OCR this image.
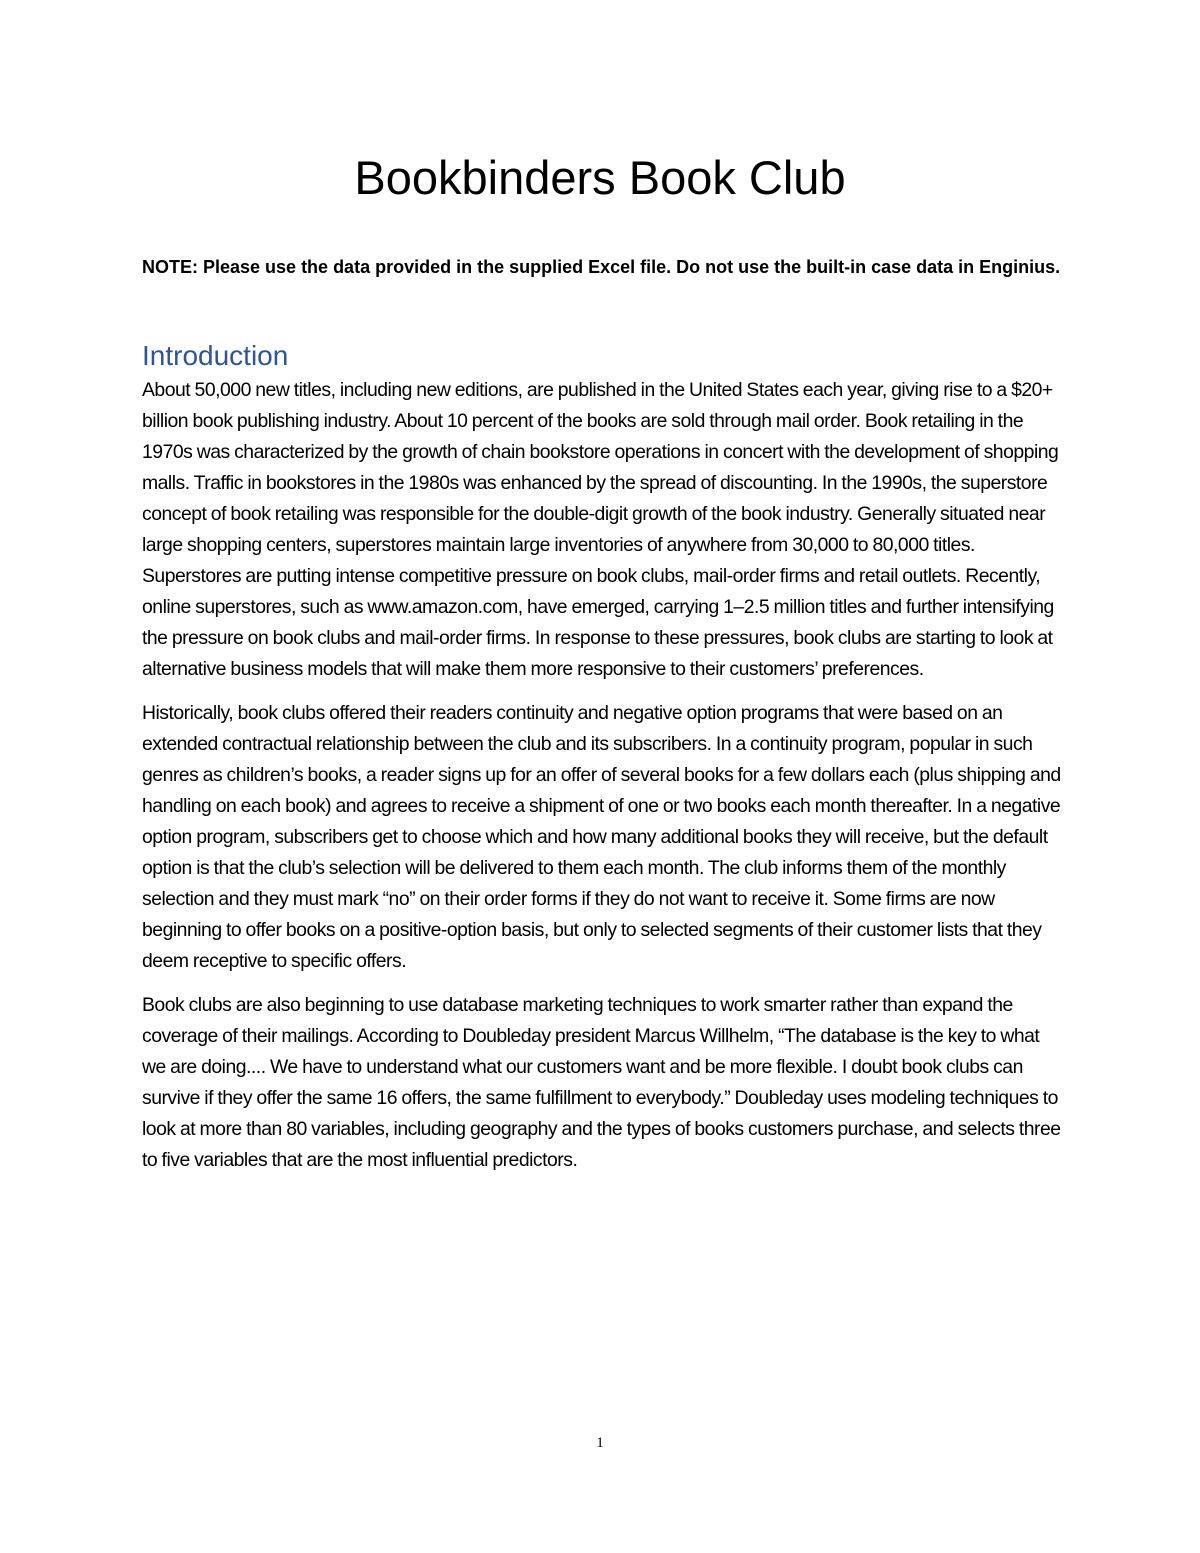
Bookbinders Book Club
NOTE: Please use the data provided in the supplied Excel file. Do not use the built-in case data in Enginius.
Introduction

About 50,000 new titles, including new editions, are published in the United States each year, giving rise to a $20+ billion book publishing industry. About 10 percent of the books are sold through mail order. Book retailing in the 1970s was characterized by the growth of chain bookstore operations in concert with the development of shopping malls. Traffic in bookstores in the 1980s was enhanced by the spread of discounting. In the 1990s, the superstore concept of book retailing was responsible for the double-digit growth of the book industry. Generally situated near large shopping centers, superstores maintain large inventories of anywhere from 30,000 to 80,000 titles. Superstores are putting intense competitive pressure on book clubs, mail-order firms and retail outlets. Recently, online superstores, such as www.amazon.com, have emerged, carrying 1–2.5 million titles and further intensifying the pressure on book clubs and mail-order firms. In response to these pressures, book clubs are starting to look at alternative business models that will make them more responsive to their customers’ preferences.

Historically, book clubs offered their readers continuity and negative option programs that were based on an extended contractual relationship between the club and its subscribers. In a continuity program, popular in such genres as children’s books, a reader signs up for an offer of several books for a few dollars each (plus shipping and handling on each book) and agrees to receive a shipment of one or two books each month thereafter. In a negative option program, subscribers get to choose which and how many additional books they will receive, but the default option is that the club’s selection will be delivered to them each month. The club informs them of the monthly selection and they must mark “no” on their order forms if they do not want to receive it. Some firms are now beginning to offer books on a positive-option basis, but only to selected segments of their customer lists that they deem receptive to specific offers.

Book clubs are also beginning to use database marketing techniques to work smarter rather than expand the coverage of their mailings. According to Doubleday president Marcus Willhelm, “The database is the key to what we are doing.... We have to understand what our customers want and be more flexible. I doubt book clubs can survive if they offer the same 16 offers, the same fulfillment to everybody.” Doubleday uses modeling techniques to look at more than 80 variables, including geography and the types of books customers purchase, and selects three to five variables that are the most influential predictors.

1
